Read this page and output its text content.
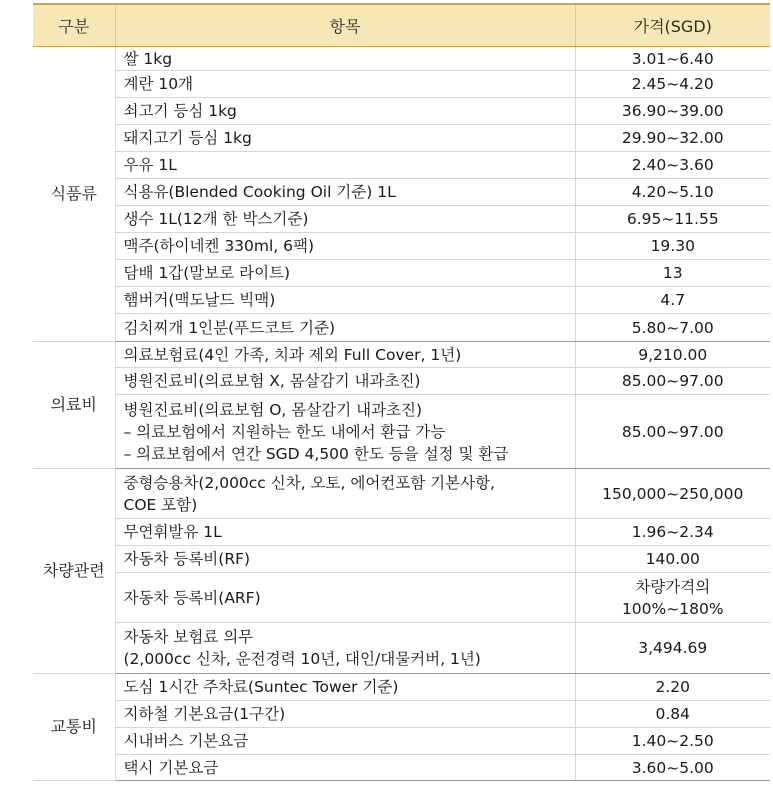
구분	항목	가격(SGD)
식품류	쌀 1kg	3.01~6.40

	계란 10개	2.45~4.20

	쇠고기 등심 1kg	36.90~39.00

	돼지고기 등심 1kg	29.90~32.00

	우유 1L	2.40~3.60

	식용유(Blended Cooking Oil 기준) 1L	4.20~5.10

	생수 1L(12개 한 박스기준)	6.95~11.55

	맥주(하이네켄 330ml, 6팩)	19.30

	담배 1갑(말보로 라이트)	13

	햄버거(맥도날드 빅맥)	4.7

	김치찌개 1인분(푸드코트 기준)	5.80~7.00

의료비	의료보험료(4인 가족, 치과 제외 Full Cover, 1년)	9,210.00

	병원진료비(의료보험 X, 몸살감기 내과초진)	85.00~97.00

	병원진료비(의료보험 O, 몸살감기 내과초진)
– 의료보험에서 지원하는 한도 내에서 환급 가능
– 의료보험에서 연간 SGD 4,500 한도 등을 설정 및 환급	85.00~97.00

차량관련	중형승용차(2,000cc 신차, 오토, 에어컨포함 기본사항,
COE 포함)	150,000~250,000

	무연휘발유 1L	1.96~2.34

	자동차 등록비(RF)	140.00

	자동차 등록비(ARF)	차량가격의
100%~180%

	자동차 보험료 의무
(2,000cc 신차, 운전경력 10년, 대인/대물커버, 1년)	3,494.69

교통비	도심 1시간 주차료(Suntec Tower 기준)	2.20

	지하철 기본요금(1구간)	0.84

	시내버스 기본요금	1.40~2.50

	택시 기본요금	3.60~5.00
